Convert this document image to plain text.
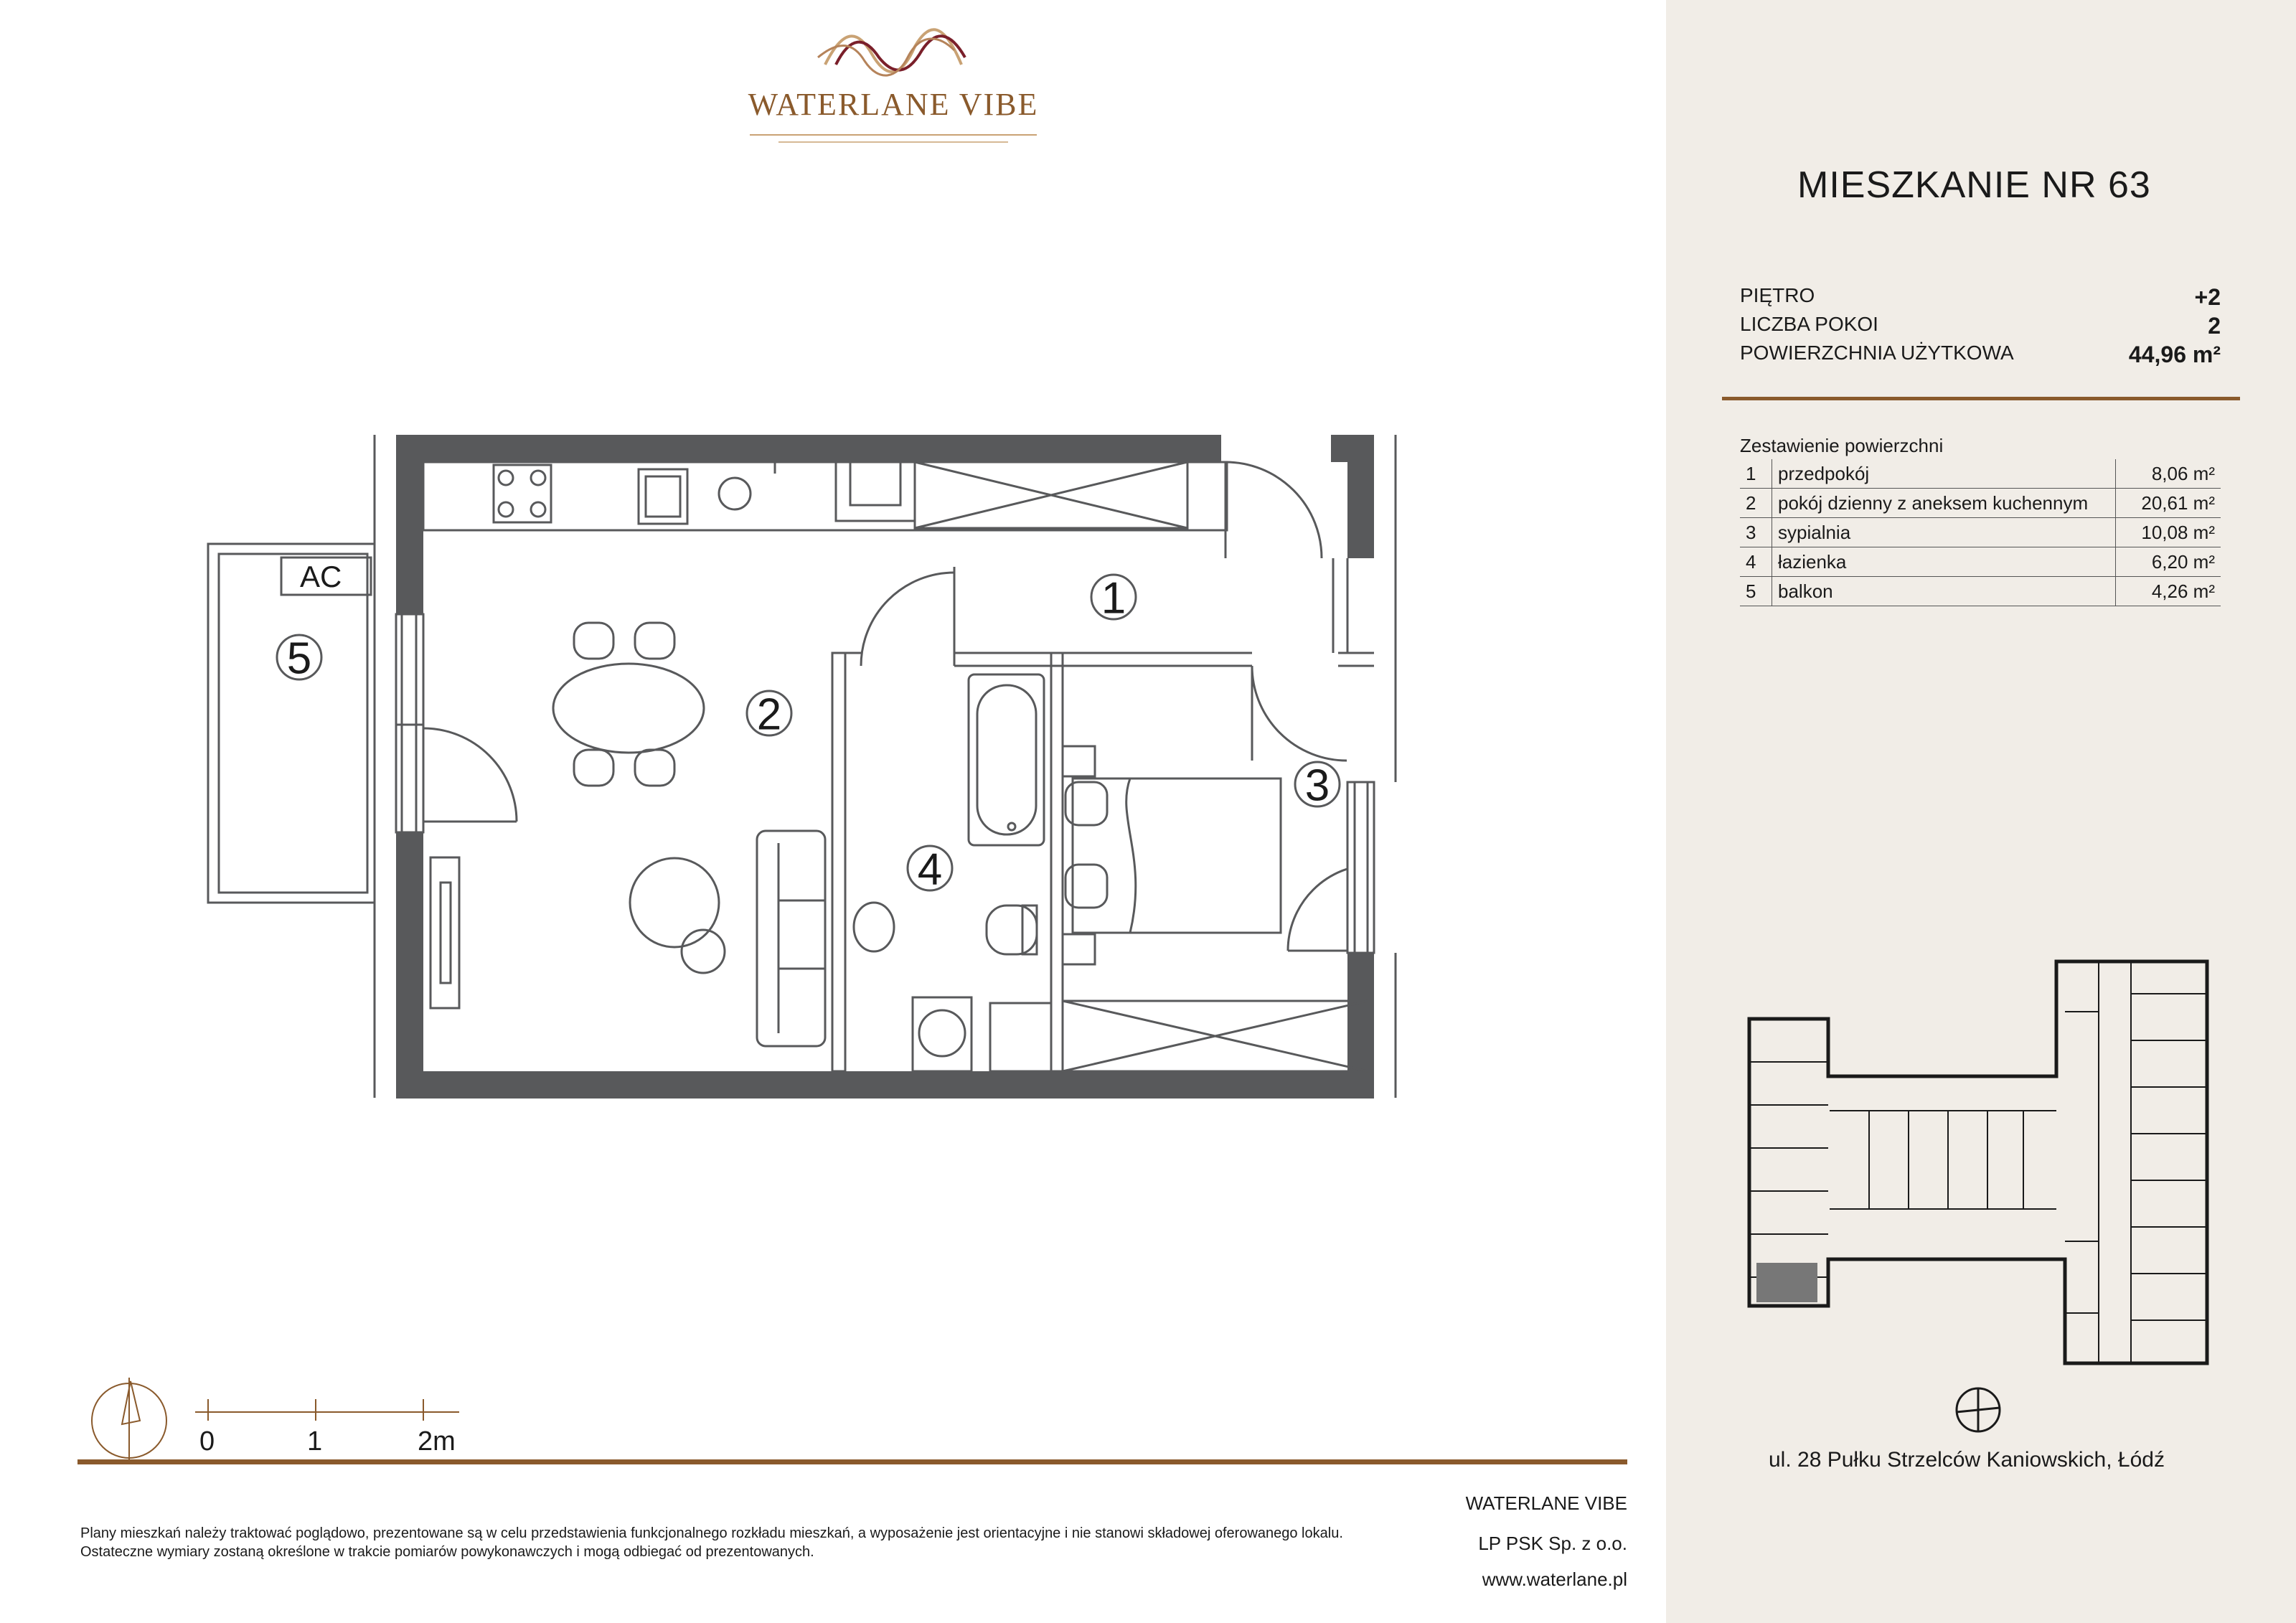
WATERLANE VIBE
1
2
3
4
5
AC
MIESZKANIE NR 63
PIĘTRO	+2
LICZBA POKOI	2
POWIERZCHNIA UŻYTKOWA	44,96 m²
Zestawienie powierzchni
1	przedpokój	8,06 m²
2	pokój dzienny z aneksem kuchennym	20,61 m²
3	sypialnia	10,08 m²
4	łazienka	6,20 m²
5	balkon	4,26 m²
ul. 28 Pułku Strzelców Kaniowskich, Łódź
0	1	2m
Plany mieszkań należy traktować poglądowo, prezentowane są w celu przedstawienia funkcjonalnego rozkładu mieszkań, a wyposażenie jest orientacyjne i nie stanowi składowej oferowanego lokalu.
Ostateczne wymiary zostaną określone w trakcie pomiarów powykonawczych i mogą odbiegać od prezentowanych.
WATERLANE VIBE
LP PSK Sp. z o.o.
www.waterlane.pl
